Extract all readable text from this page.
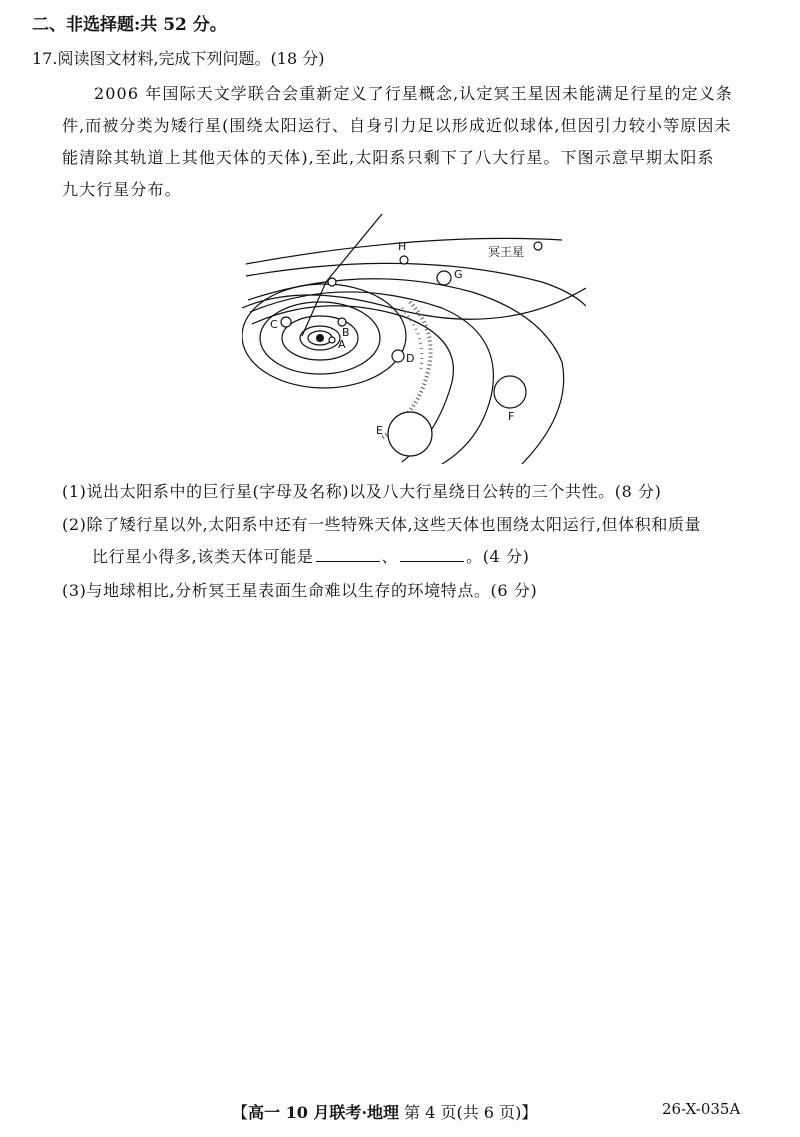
二、非选择题:共 52 分。
17.阅读图文材料,完成下列问题。(18 分)
2006 年国际天文学联合会重新定义了行星概念,认定冥王星因未能满足行星的定义条
件,而被分类为矮行星(围绕太阳运行、自身引力足以形成近似球体,但因引力较小等原因未
能清除其轨道上其他天体的天体),至此,太阳系只剩下了八大行星。下图示意早期太阳系
九大行星分布。
A
B
C
D
E
F
G
H	冥王星
(1)说出太阳系中的巨行星(字母及名称)以及八大行星绕日公转的三个共性。(8 分)
(2)除了矮行星以外,太阳系中还有一些特殊天体,这些天体也围绕太阳运行,但体积和质量
比行星小得多,该类天体可能是	、	。(4 分)
(3)与地球相比,分析冥王星表面生命难以生存的环境特点。(6 分)
【高一 10 月联考·地理 第 4 页(共 6 页)】	26-X-035A
